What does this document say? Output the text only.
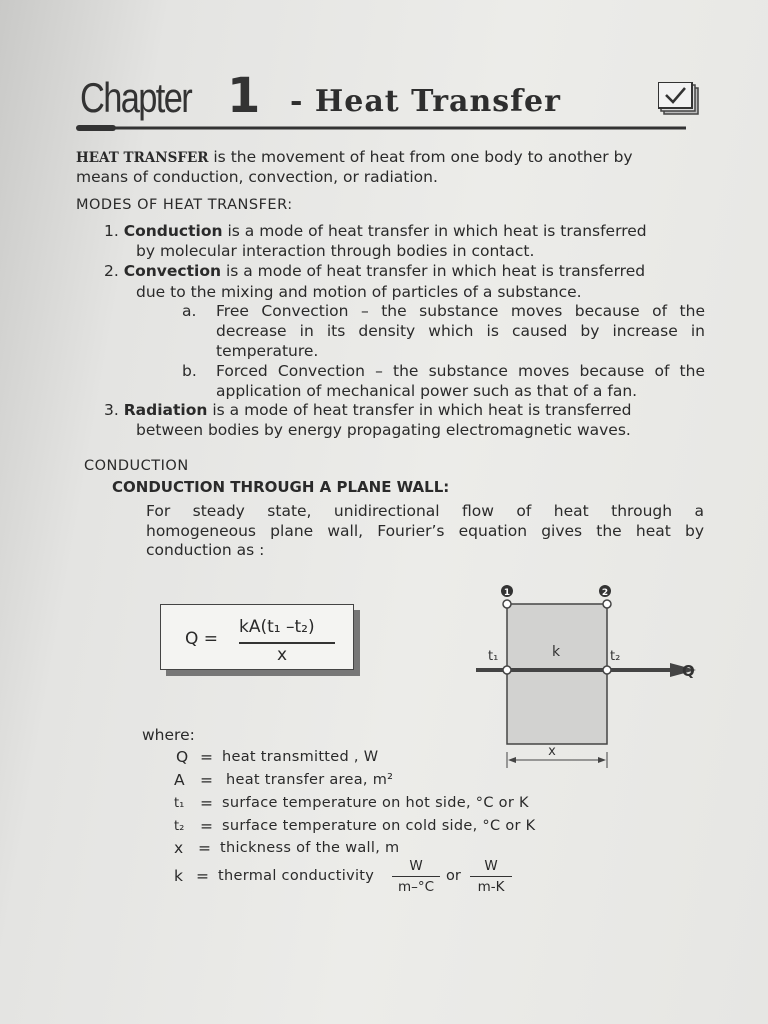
Chapter 1 - Heat Transfer
HEAT TRANSFER is the movement of heat from one body to another by
means of conduction, convection, or radiation.
MODES OF HEAT TRANSFER:
1. Conduction is a mode of heat transfer in which heat is transferred
by molecular interaction through bodies in contact.
2. Convection is a mode of heat transfer in which heat is transferred
due to the mixing and motion of particles of a substance.
a. Free Convection – the substance moves because of the
decrease in its density which is caused by increase in
temperature.
b. Forced Convection – the substance moves because of the
application of mechanical power such as that of a fan.
3. Radiation is a mode of heat transfer in which heat is transferred
between bodies by energy propagating electromagnetic waves.
CONDUCTION
CONDUCTION THROUGH A PLANE WALL:
For steady state, unidirectional flow of heat through a
homogeneous plane wall, Fourier’s equation gives the heat by
conduction as :
Q =
kA(t₁ –t₂)
x
1	2
k
t₁	t₂
Q
x
where:
Q = heat transmitted , W
A = heat transfer area, m²
t₁ = surface temperature on hot side, °C or K
t₂ = surface temperature on cold side, °C or K
x = thickness of the wall, m
k = thermal conductivity
W
m–°C
or
W
m-K
